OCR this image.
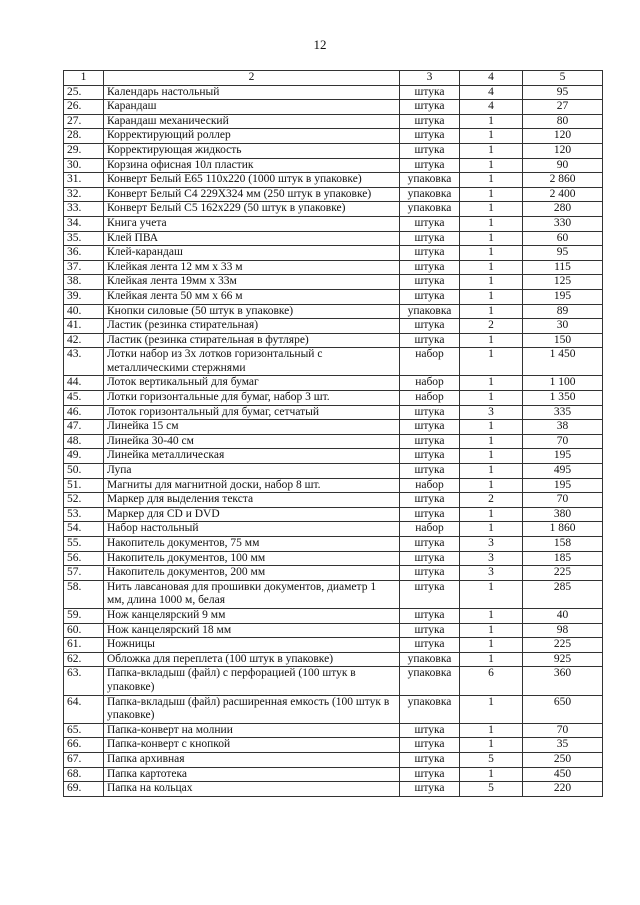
12
1	2	3	4	5
25.	Календарь настольный	штука	4	95
26.	Карандаш	штука	4	27
27.	Карандаш механический	штука	1	80
28.	Корректирующий роллер	штука	1	120
29.	Корректирующая жидкость	штука	1	120
30.	Корзина офисная 10л пластик	штука	1	90
31.	Конверт Белый Е65 110х220 (1000 штук в упаковке)	упаковка	1	2 860
32.	Конверт Белый С4 229Х324 мм (250 штук в упаковке)	упаковка	1	2 400
33.	Конверт Белый С5 162х229 (50 штук в упаковке)	упаковка	1	280
34.	Книга учета	штука	1	330
35.	Клей ПВА	штука	1	60
36.	Клей-карандаш	штука	1	95
37.	Клейкая лента 12 мм х 33 м	штука	1	115
38.	Клейкая лента 19мм х 33м	штука	1	125
39.	Клейкая лента 50 мм х 66 м	штука	1	195
40.	Кнопки силовые (50 штук в упаковке)	упаковка	1	89
41.	Ластик (резинка стирательная)	штука	2	30
42.	Ластик (резинка стирательная в футляре)	штука	1	150
43.	Лотки набор из 3х лотков горизонтальный с металлическими стержнями	набор	1	1 450
44.	Лоток вертикальный для бумаг	набор	1	1 100
45.	Лотки горизонтальные для бумаг, набор 3 шт.	набор	1	1 350
46.	Лоток горизонтальный для бумаг, сетчатый	штука	3	335
47.	Линейка 15 см	штука	1	38
48.	Линейка 30-40 см	штука	1	70
49.	Линейка металлическая	штука	1	195
50.	Лупа	штука	1	495
51.	Магниты для магнитной доски, набор 8 шт.	набор	1	195
52.	Маркер для выделения текста	штука	2	70
53.	Маркер для CD и DVD	штука	1	380
54.	Набор настольный	набор	1	1 860
55.	Накопитель документов, 75 мм	штука	3	158
56.	Накопитель документов, 100 мм	штука	3	185
57.	Накопитель документов, 200 мм	штука	3	225
58.	Нить лавсановая для прошивки документов, диаметр 1 мм, длина 1000 м, белая	штука	1	285
59.	Нож канцелярский 9 мм	штука	1	40
60.	Нож канцелярский 18 мм	штука	1	98
61.	Ножницы	штука	1	225
62.	Обложка для переплета (100 штук в упаковке)	упаковка	1	925
63.	Папка-вкладыш (файл) с перфорацией (100 штук в упаковке)	упаковка	6	360
64.	Папка-вкладыш (файл) расширенная емкость (100 штук в упаковке)	упаковка	1	650
65.	Папка-конверт на молнии	штука	1	70
66.	Папка-конверт с кнопкой	штука	1	35
67.	Папка архивная	штука	5	250
68.	Папка картотека	штука	1	450
69.	Папка на кольцах	штука	5	220
